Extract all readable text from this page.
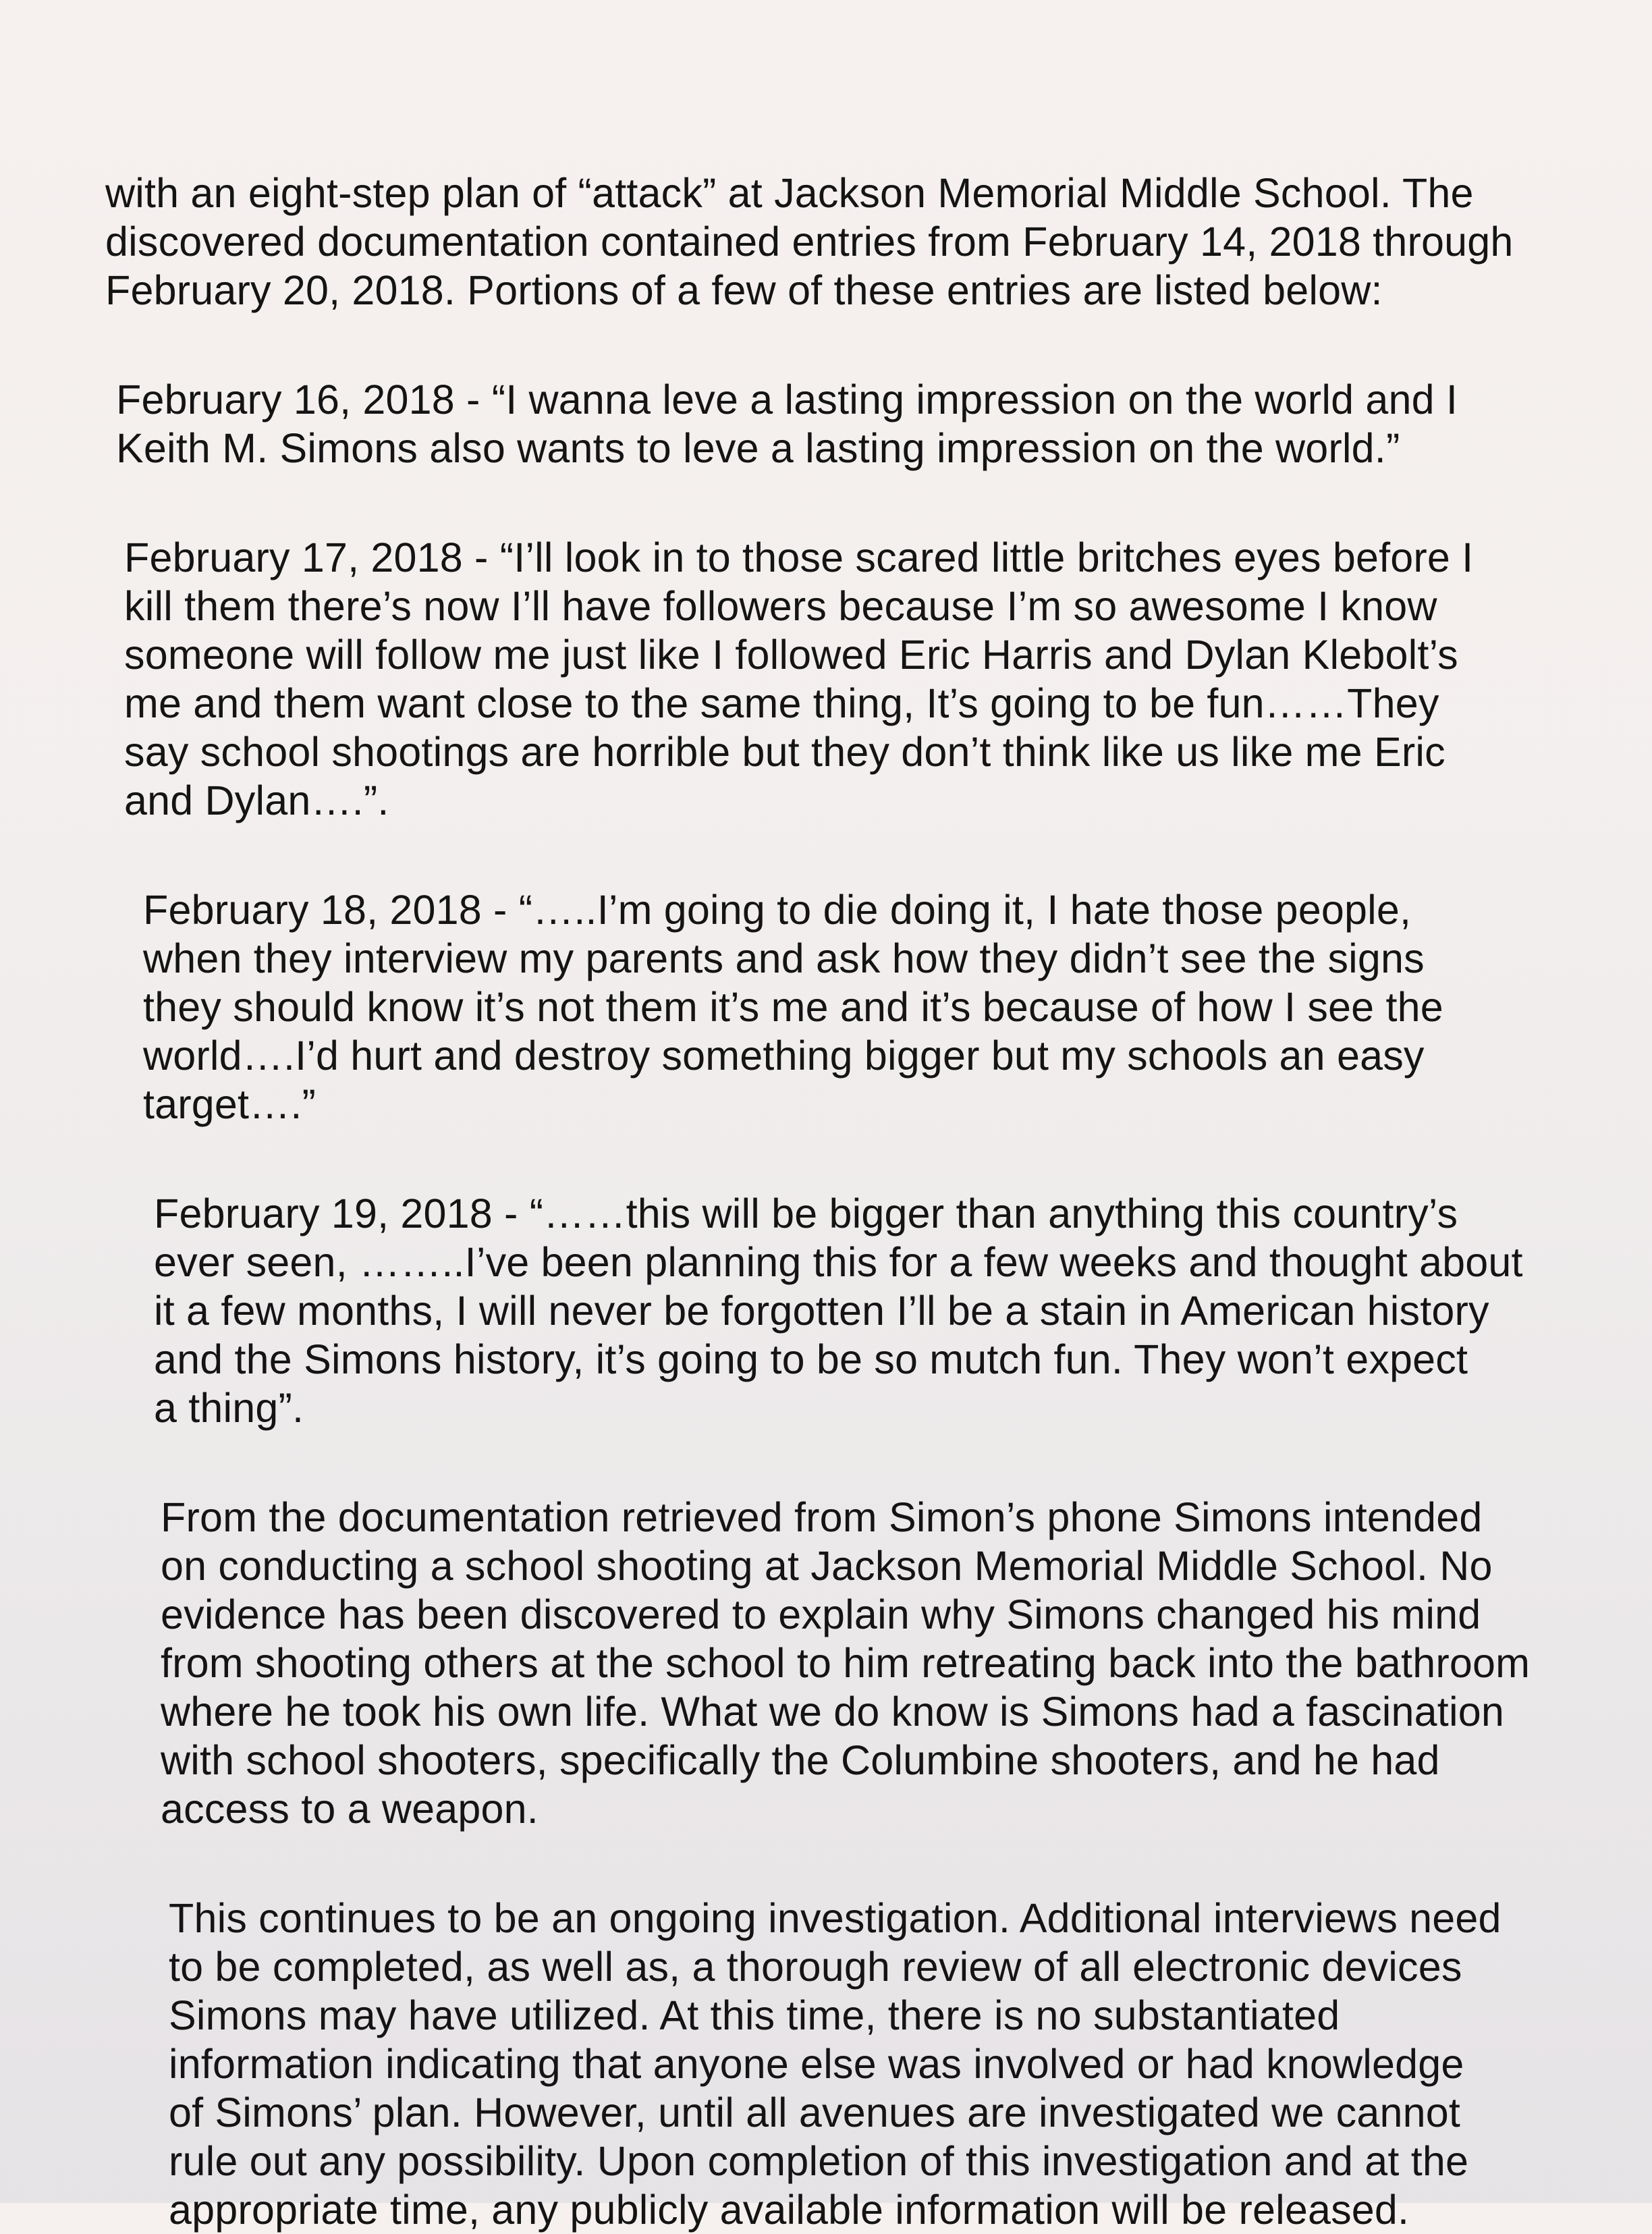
with an eight-step plan of “attack” at Jackson Memorial Middle School. The
discovered documentation contained entries from February 14, 2018 through
February 20, 2018. Portions of a few of these entries are listed below:

February 16, 2018 - “I wanna leve a lasting impression on the world and I
Keith M. Simons also wants to leve a lasting impression on the world.”

February 17, 2018 - “I’ll look in to those scared little britches eyes before I
kill them there’s now I’ll have followers because I’m so awesome I know
someone will follow me just like I followed Eric Harris and Dylan Klebolt’s
me and them want close to the same thing, It’s going to be fun……They
say school shootings are horrible but they don’t think like us like me Eric
and Dylan….”.

February 18, 2018 - “…..I’m going to die doing it, I hate those people,
when they interview my parents and ask how they didn’t see the signs
they should know it’s not them it’s me and it’s because of how I see the
world….I’d hurt and destroy something bigger but my schools an easy
target….”

February 19, 2018 - “……this will be bigger than anything this country’s
ever seen, ……..I’ve been planning this for a few weeks and thought about
it a few months, I will never be forgotten I’ll be a stain in American history
and the Simons history, it’s going to be so mutch fun. They won’t expect
a thing”.

From the documentation retrieved from Simon’s phone Simons intended
on conducting a school shooting at Jackson Memorial Middle School. No
evidence has been discovered to explain why Simons changed his mind
from shooting others at the school to him retreating back into the bathroom
where he took his own life. What we do know is Simons had a fascination
with school shooters, specifically the Columbine shooters, and he had
access to a weapon.

This continues to be an ongoing investigation. Additional interviews need
to be completed, as well as, a thorough review of all electronic devices
Simons may have utilized. At this time, there is no substantiated
information indicating that anyone else was involved or had knowledge
of Simons’ plan. However, until all avenues are investigated we cannot
rule out any possibility. Upon completion of this investigation and at the
appropriate time, any publicly available information will be released.
